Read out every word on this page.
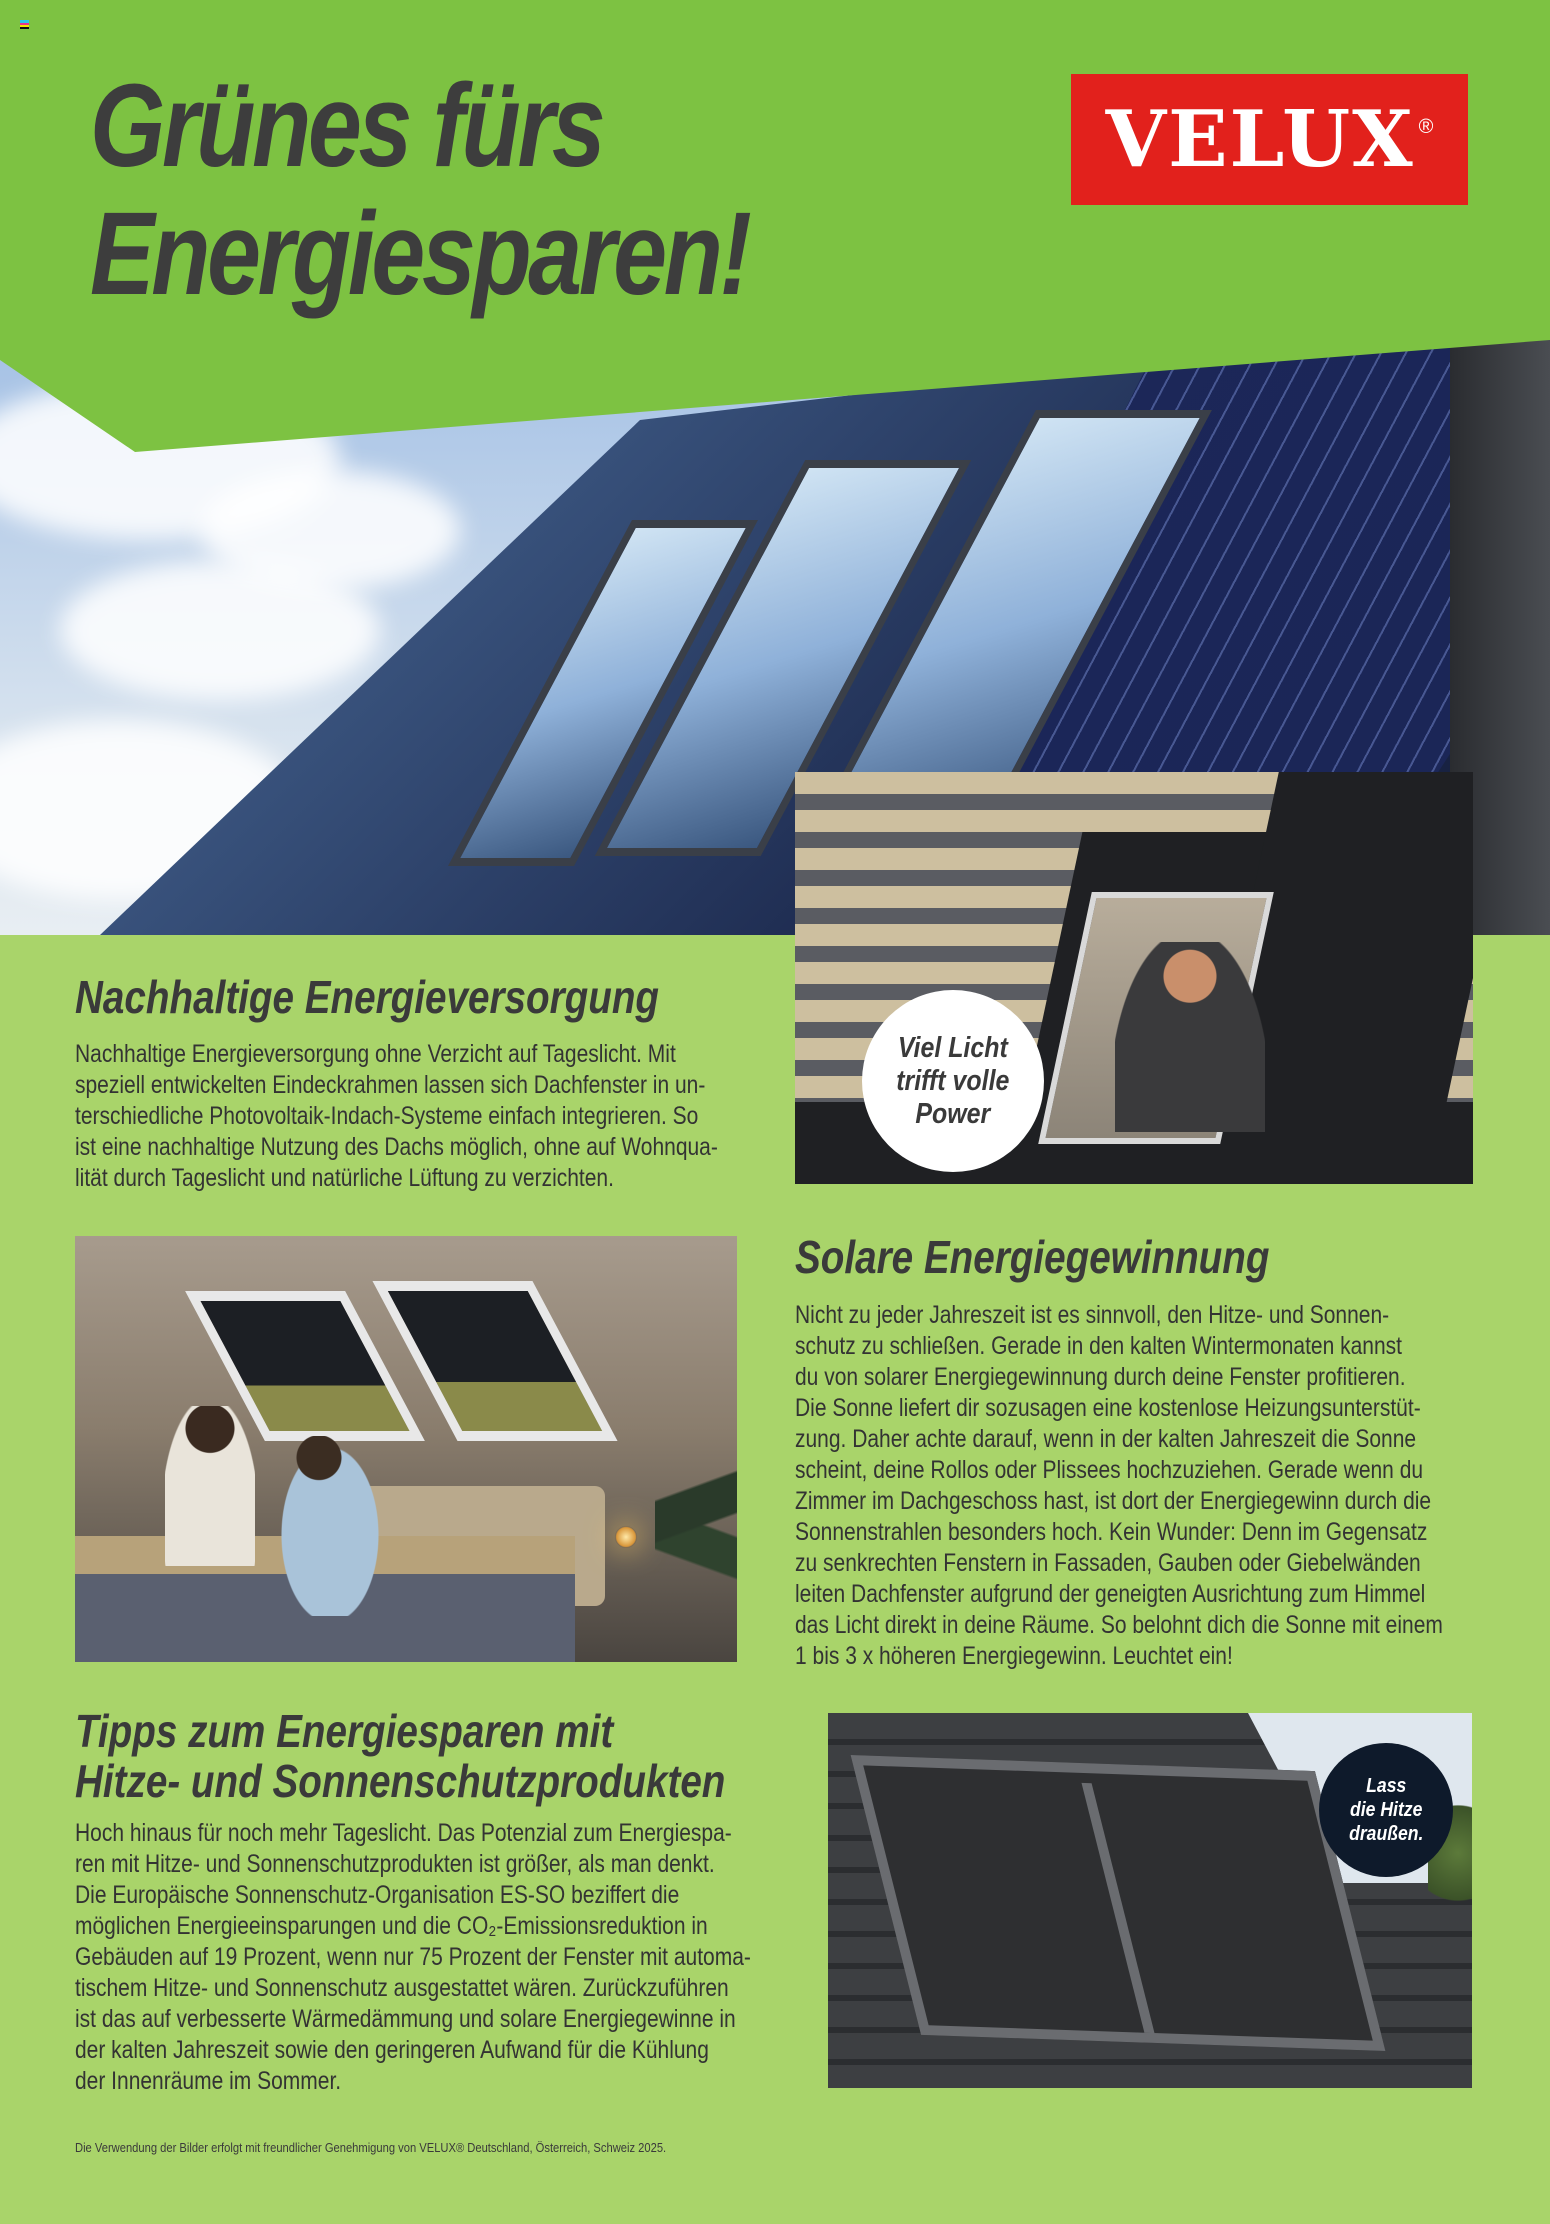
Grünes fürs
Energiesparen!
VELUX ®
Viel Licht
trifft volle
Power
Nachhaltige Energieversorgung
Nachhaltige Energieversorgung ohne Verzicht auf Tageslicht. Mit
speziell entwickelten Eindeckrahmen lassen sich Dachfenster in un-
terschiedliche Photovoltaik-Indach-Systeme einfach integrieren. So
ist eine nachhaltige Nutzung des Dachs möglich, ohne auf Wohnqua-
lität durch Tageslicht und natürliche Lüftung zu verzichten.
Solare Energiegewinnung
Nicht zu jeder Jahreszeit ist es sinnvoll, den Hitze- und Sonnen-
schutz zu schließen. Gerade in den kalten Wintermonaten kannst
du von solarer Energiegewinnung durch deine Fenster profitieren.
Die Sonne liefert dir sozusagen eine kostenlose Heizungsunterstüt-
zung. Daher achte darauf, wenn in der kalten Jahreszeit die Sonne
scheint, deine Rollos oder Plissees hochzuziehen. Gerade wenn du
Zimmer im Dachgeschoss hast, ist dort der Energiegewinn durch die
Sonnenstrahlen besonders hoch. Kein Wunder: Denn im Gegensatz
zu senkrechten Fenstern in Fassaden, Gauben oder Giebelwänden
leiten Dachfenster aufgrund der geneigten Ausrichtung zum Himmel
das Licht direkt in deine Räume. So belohnt dich die Sonne mit einem
1 bis 3 x höheren Energiegewinn. Leuchtet ein!
Tipps zum Energiesparen mit
Hitze- und Sonnenschutzprodukten
Hoch hinaus für noch mehr Tageslicht. Das Potenzial zum Energiespa-
ren mit Hitze- und Sonnenschutzprodukten ist größer, als man denkt.
Die Europäische Sonnenschutz-Organisation ES-SO beziffert die
möglichen Energieeinsparungen und die CO₂-Emissionsreduktion in
Gebäuden auf 19 Prozent, wenn nur 75 Prozent der Fenster mit automa-
tischem Hitze- und Sonnenschutz ausgestattet wären. Zurückzuführen
ist das auf verbesserte Wärmedämmung und solare Energiegewinne in
der kalten Jahreszeit sowie den geringeren Aufwand für die Kühlung
der Innenräume im Sommer.
Lass
die Hitze
draußen.
Die Verwendung der Bilder erfolgt mit freundlicher Genehmigung von VELUX® Deutschland, Österreich, Schweiz 2025.
